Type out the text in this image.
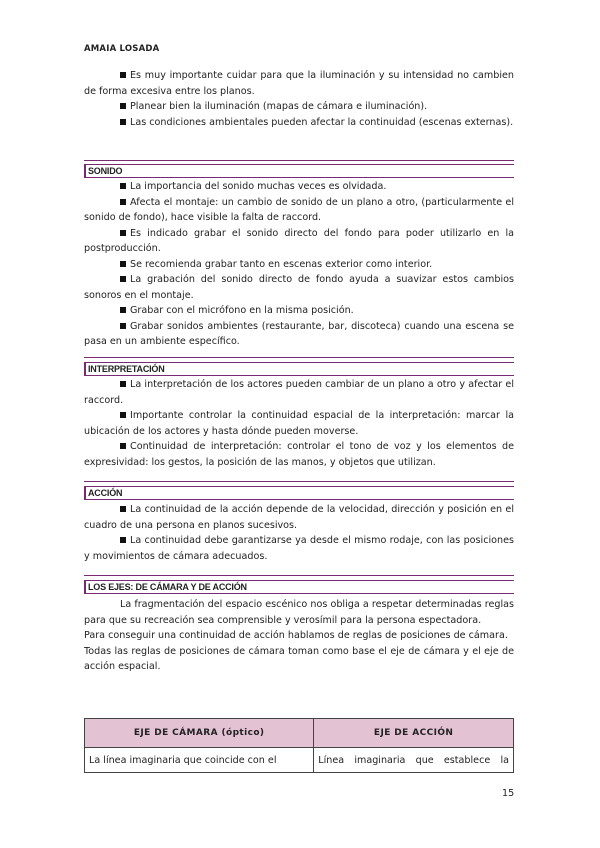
AMAIA LOSADA

Es muy importante cuidar para que la iluminación y su intensidad no cambien de forma excesiva entre los planos.

Planear bien la iluminación (mapas de cámara e iluminación).

Las condiciones ambientales pueden afectar la continuidad (escenas externas).

SONIDO

La importancia del sonido muchas veces es olvidada.

Afecta el montaje: un cambio de sonido de un plano a otro, (particularmente el sonido de fondo), hace visible la falta de raccord.

Es indicado grabar el sonido directo del fondo para poder utilizarlo en la postproducción.

Se recomienda grabar tanto en escenas exterior como interior.

La grabación del sonido directo de fondo ayuda a suavizar estos cambios sonoros en el montaje.

Grabar con el micrófono en la misma posición.

Grabar sonidos ambientes (restaurante, bar, discoteca) cuando una escena se pasa en un ambiente específico.

INTERPRETACIÓN

La interpretación de los actores pueden cambiar de un plano a otro y afectar el raccord.

Importante controlar la continuidad espacial de la interpretación: marcar la ubicación de los actores y hasta dónde pueden moverse.

Continuidad de interpretación: controlar el tono de voz y los elementos de expresividad: los gestos, la posición de las manos, y objetos que utilizan.

ACCIÓN

La continuidad de la acción depende de la velocidad, dirección y posición en el cuadro de una persona en planos sucesivos.

La continuidad debe garantizarse ya desde el mismo rodaje, con las posiciones y movimientos de cámara adecuados.

LOS EJES: DE CÁMARA Y DE ACCIÓN

La fragmentación del espacio escénico nos obliga a respetar determinadas reglas para que su recreación sea comprensible y verosímil para la persona espectadora.

Para conseguir una continuidad de acción hablamos de reglas de posiciones de cámara.

Todas las reglas de posiciones de cámara toman como base el eje de cámara y el eje de acción espacial.

EJE DE CÁMARA (óptico)	EJE DE ACCIÓN
La línea imaginaria que coincide con el	Línea imaginaria que establece la
15
